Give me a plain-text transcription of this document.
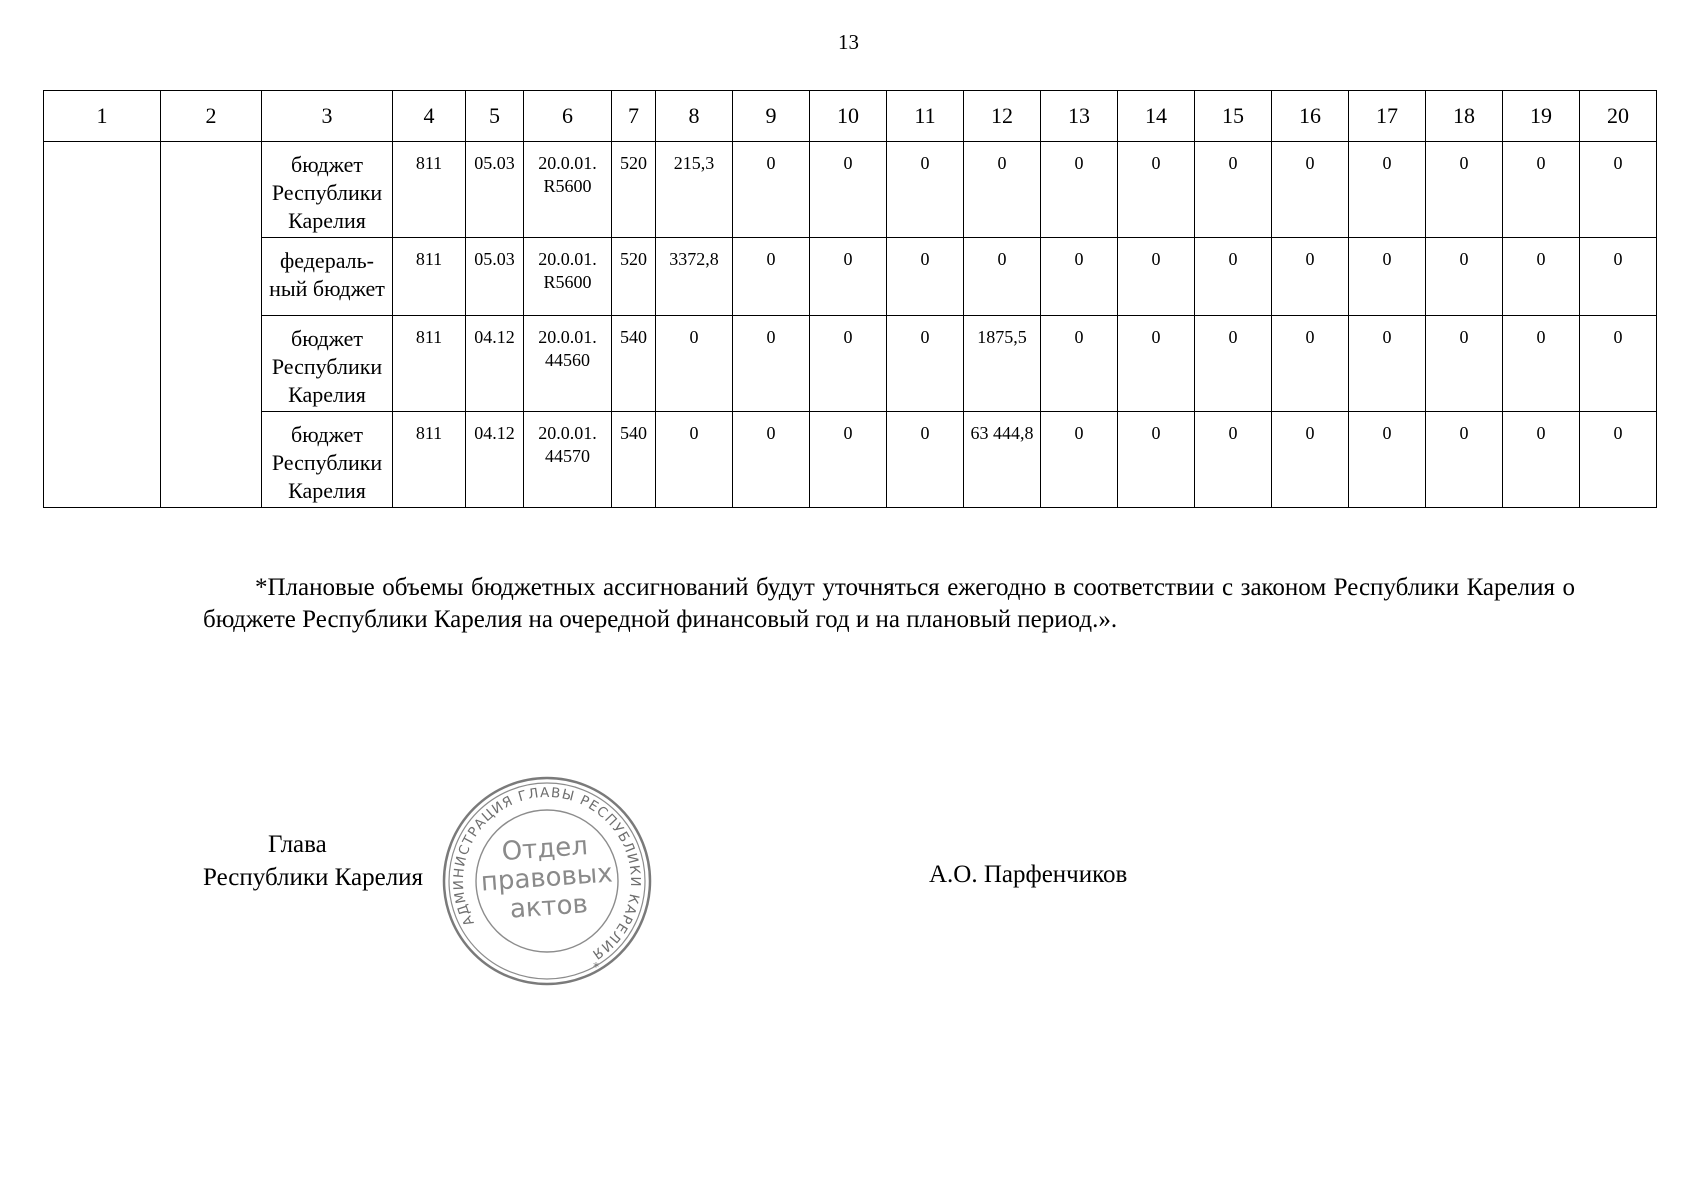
13
1	2	3	4	5	6	7	8	9	10	11	12	13	14	15	16	17	18	19	20
		бюджет Республики Карелия	811	05.03	20.0.01. R5600	520	215,3	0	0	0	0	0	0	0	0	0	0	0	0
		федераль-ный бюджет	811	05.03	20.0.01. R5600	520	3372,8	0	0	0	0	0	0	0	0	0	0	0	0
		бюджет Республики Карелия	811	04.12	20.0.01. 44560	540	0	0	0	0	1875,5	0	0	0	0	0	0	0	0
		бюджет Республики Карелия	811	04.12	20.0.01. 44570	540	0	0	0	0	63 444,8	0	0	0	0	0	0	0	0
*Плановые объемы бюджетных ассигнований будут уточняться ежегодно в соответствии с законом Республики Карелия о бюджете Республики Карелия на очередной финансовый год и на плановый период.».
Глава
Республики Карелия
АДМИНИСТРАЦИЯ ГЛАВЫ РЕСПУБЛИКИ КАРЕЛИЯ
*
Отдел
правовых
актов
А.О. Парфенчиков
